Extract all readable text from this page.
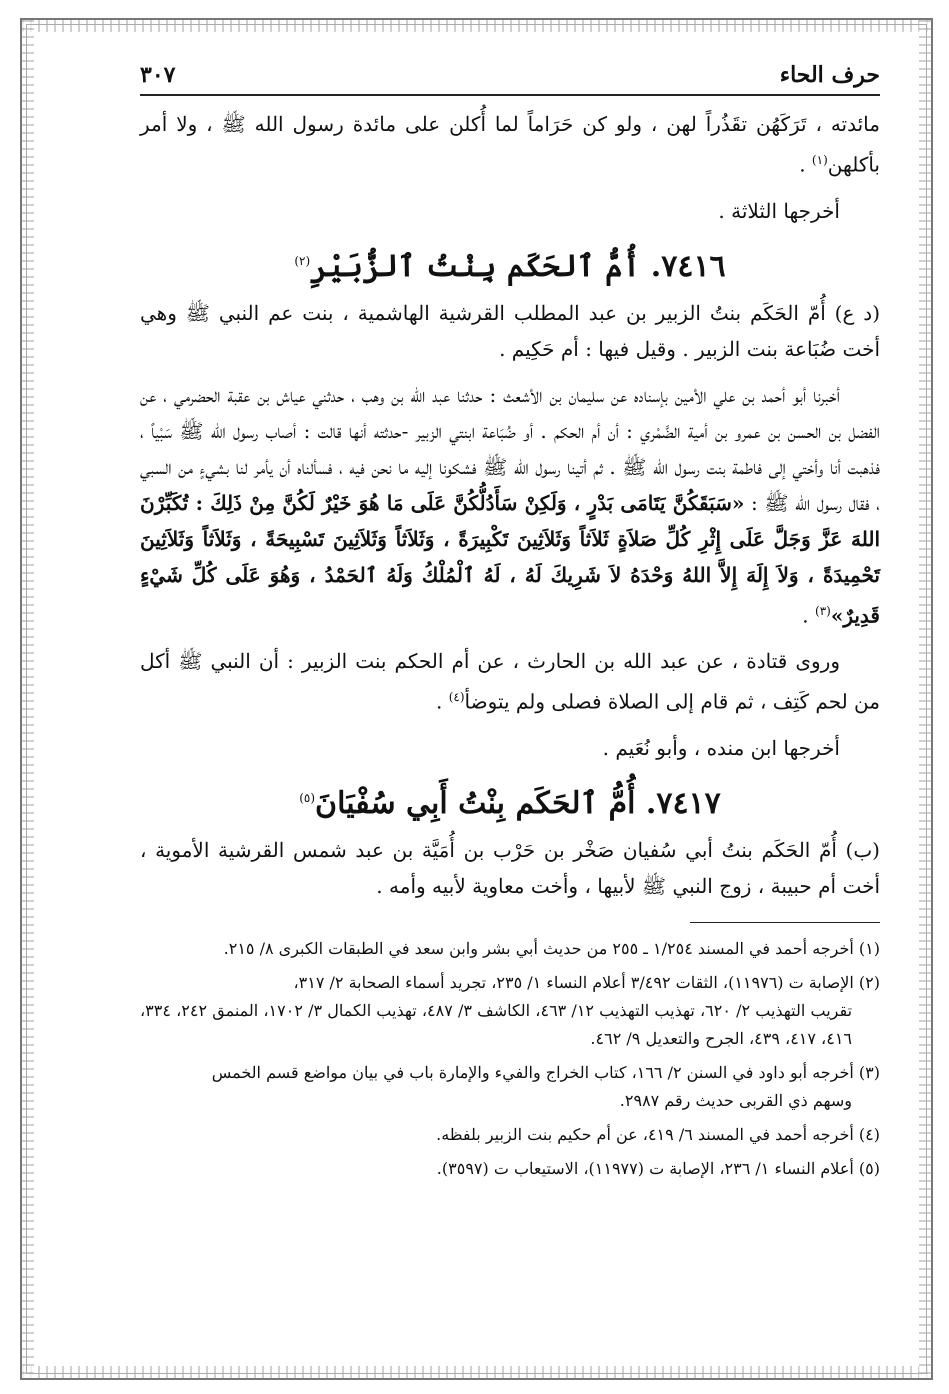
حرف الحاء
٣٠٧

مائدته ، تَرَكَهُن تقَذُراً لهن ، ولو كن حَرَاماً لما أُكلن على مائدة رسول الله ﷺ ، ولا أمر بأكلهن$^{(١)}$ .

أخرجها الثلاثة .

٧٤١٦. أُمُّ ٱلحَكَم بِنْتُ ٱلزُّبَيْرِ$^{(٢)}$

(د ع) أُمّ الحَكَم بنتُ الزبير بن عبد المطلب القرشية الهاشمية ، بنت عم النبي ﷺ وهي أخت ضُبَاعة بنت الزبير . وقيل فيها : أم حَكِيم .

أخبرنا أبو أحمد بن علي الأمين بإسناده عن سليمان بن الأشعث : حدثنا عبد الله بن وهب ، حدثني عياش بن عقبة الحضرمي ، عن الفضل بن الحسن بن عمرو بن أمية الضَّمْري : أن أم الحكم . أو ضُبَاعة ابنتي الزبير -حدثته أنها قالت : أصاب رسول الله ﷺ سَبْياً ، فذهبت أنا وأختي إلى فاطمة بنت رسول الله ﷺ . ثم أتينا رسول الله ﷺ فشكونا إليه ما نحن فيه ، فسألناه أن يأمر لنا بشيءٍ من السبي ، فقال رسول الله ﷺ : «سَبَقَكُنَّ يَتَامَى بَدْرٍ ، وَلَكِنْ سَأَدُلُّكُنَّ عَلَى مَا هُوَ خَيْرٌ لَكُنَّ مِنْ ذَلِكَ : تُكَبِّرْنَ اللهَ عَزَّ وَجَلَّ عَلَى إِثْرِ كُلِّ صَلاَةٍ ثَلاَثاً وَثَلاَثِينَ تَكْبِيرَةً ، وَثَلاَثاً وَثَلاَثِينَ تَسْبِيحَةً ، وَثَلاَثاً وَثَلاَثِينَ تَحْمِيدَةً ، وَلاَ إِلَهَ إِلاَّ اللهُ وَحْدَهُ لاَ شَرِيكَ لَهُ ، لَهُ ٱلْمُلْكُ وَلَهُ ٱلحَمْدُ ، وَهُوَ عَلَى كُلِّ شَيْءٍ قَدِيرٌ»$^{(٣)}$ .

وروى قتادة ، عن عبد الله بن الحارث ، عن أم الحكم بنت الزبير : أن النبي ﷺ أكل من لحم كَتِف ، ثم قام إلى الصلاة فصلى ولم يتوضأ$^{(٤)}$ .

أخرجها ابن منده ، وأبو نُعَيم .

٧٤١٧. أُمُّ ٱلحَكَم بِنْتُ أَبِي سُفْيَانَ$^{(٥)}$

(ب) أُمّ الحَكَم بنتُ أبي سُفيان صَخْر بن حَرْب بن أُمَيَّة بن عبد شمس القرشية الأموية ، أخت أم حبيبة ، زوج النبي ﷺ لأبيها ، وأخت معاوية لأبيه وأمه .

(١) أخرجه أحمد في المسند ١/٢٥٤ ـ ٢٥٥ من حديث أبي بشر وابن سعد في الطبقات الكبرى ٨/ ٢١٥.
(٢) الإصابة ت (١١٩٧٦)، الثقات ٣/٤٩٢ أعلام النساء ١/ ٢٣٥، تجريد أسماء الصحابة ٢/ ٣١٧،
تقريب التهذيب ٢/ ٦٢٠، تهذيب التهذيب ١٢/ ٤٦٣، الكاشف ٣/ ٤٨٧، تهذيب الكمال ٣/ ١٧٠٢، المنمق ٢٤٢، ٣٣٤، ٤١٦، ٤١٧، ٤٣٩، الجرح والتعديل ٩/ ٤٦٢.
(٣) أخرجه أبو داود في السنن ٢/ ١٦٦، كتاب الخراج والفيء والإمارة باب في بيان مواضع قسم الخمس
وسهم ذي القربى حديث رقم ٢٩٨٧.
(٤) أخرجه أحمد في المسند ٦/ ٤١٩، عن أم حكيم بنت الزبير بلفظه.
(٥) أعلام النساء ١/ ٢٣٦، الإصابة ت (١١٩٧٧)، الاستيعاب ت (٣٥٩٧).
